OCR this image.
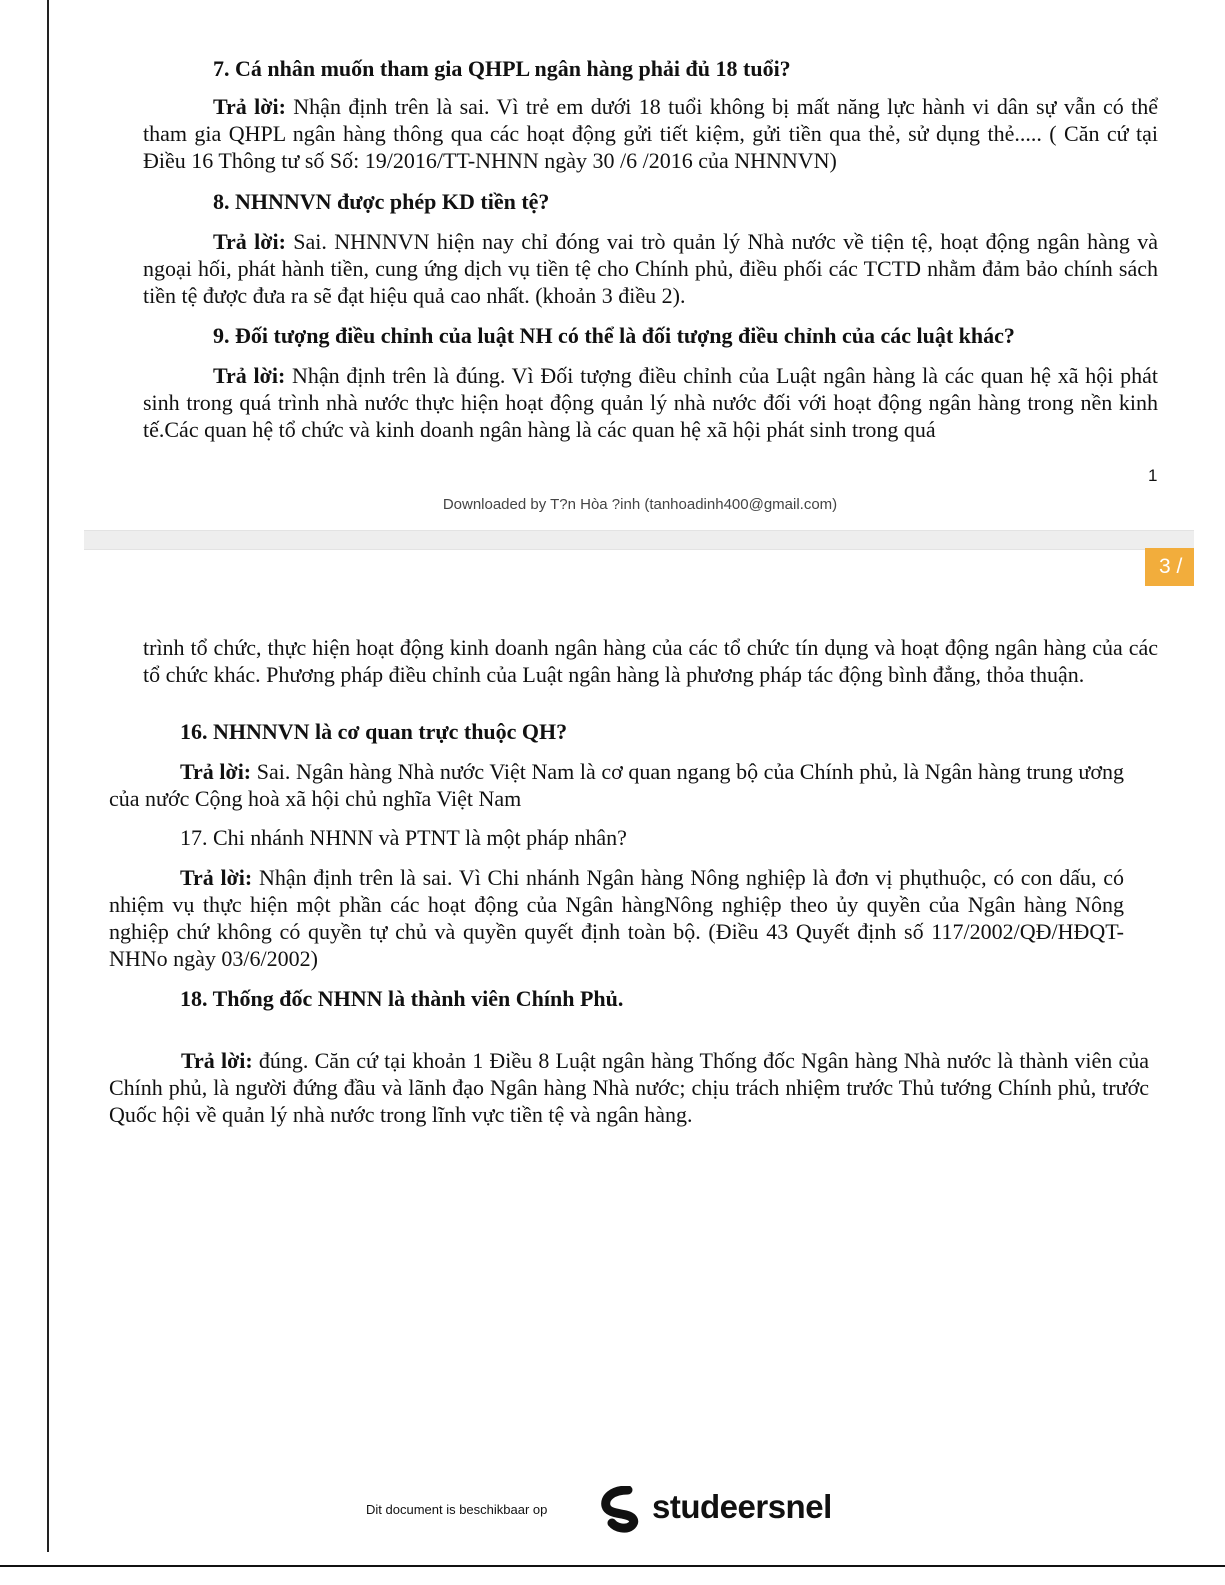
7. Cá nhân muốn tham gia QHPL ngân hàng phải đủ 18 tuổi?

Trả lời: Nhận định trên là sai. Vì trẻ em dưới 18 tuổi không bị mất năng lực hành vi dân sự vẫn có thể tham gia QHPL ngân hàng thông qua các hoạt động gửi tiết kiệm, gửi tiền qua thẻ, sử dụng thẻ..... ( Căn cứ tại Điều 16 Thông tư số Số: 19/2016/TT-NHNN ngày 30 /6 /2016 của NHNNVN)

8. NHNNVN được phép KD tiền tệ?

Trả lời: Sai. NHNNVN hiện nay chỉ đóng vai trò quản lý Nhà nước về tiện tệ, hoạt động ngân hàng và ngoại hối, phát hành tiền, cung ứng dịch vụ tiền tệ cho Chính phủ, điều phối các TCTD nhằm đảm bảo chính sách tiền tệ được đưa ra sẽ đạt hiệu quả cao nhất. (khoản 3 điều 2).

9. Đối tượng điều chỉnh của luật NH có thể là đối tượng điều chỉnh của các luật khác?

Trả lời: Nhận định trên là đúng. Vì Đối tượng điều chỉnh của Luật ngân hàng là các quan hệ xã hội phát sinh trong quá trình nhà nước thực hiện hoạt động quản lý nhà nước đối với hoạt động ngân hàng trong nền kinh tế.Các quan hệ tổ chức và kinh doanh ngân hàng là các quan hệ xã hội phát sinh trong quá

1
Downloaded by T?n Hòa ?inh (tanhoadinh400@gmail.com)
3 /

trình tổ chức, thực hiện hoạt động kinh doanh ngân hàng của các tổ chức tín dụng và hoạt động ngân hàng của các tổ chức khác. Phương pháp điều chỉnh của Luật ngân hàng là phương pháp tác động bình đẳng, thỏa thuận.

16. NHNNVN là cơ quan trực thuộc QH?

Trả lời: Sai. Ngân hàng Nhà nước Việt Nam là cơ quan ngang bộ của Chính phủ, là Ngân hàng trung ương của nước Cộng hoà xã hội chủ nghĩa Việt Nam

17. Chi nhánh NHNN và PTNT là một pháp nhân?

Trả lời: Nhận định trên là sai. Vì Chi nhánh Ngân hàng Nông nghiệp là đơn vị phụthuộc, có con dấu, có nhiệm vụ thực hiện một phần các hoạt động của Ngân hàngNông nghiệp theo ủy quyền của Ngân hàng Nông nghiệp chứ không có quyền tự chủ và quyền quyết định toàn bộ. (Điều 43 Quyết định số 117/2002/QĐ/HĐQT-NHNo ngày 03/6/2002)

18. Thống đốc NHNN là thành viên Chính Phủ.

Trả lời: đúng. Căn cứ tại khoản 1 Điều 8 Luật ngân hàng Thống đốc Ngân hàng Nhà nước là thành viên của Chính phủ, là người đứng đầu và lãnh đạo Ngân hàng Nhà nước; chịu trách nhiệm trước Thủ tướng Chính phủ, trước Quốc hội về quản lý nhà nước trong lĩnh vực tiền tệ và ngân hàng.

Dit document is beschikbaar op	studeersnel
